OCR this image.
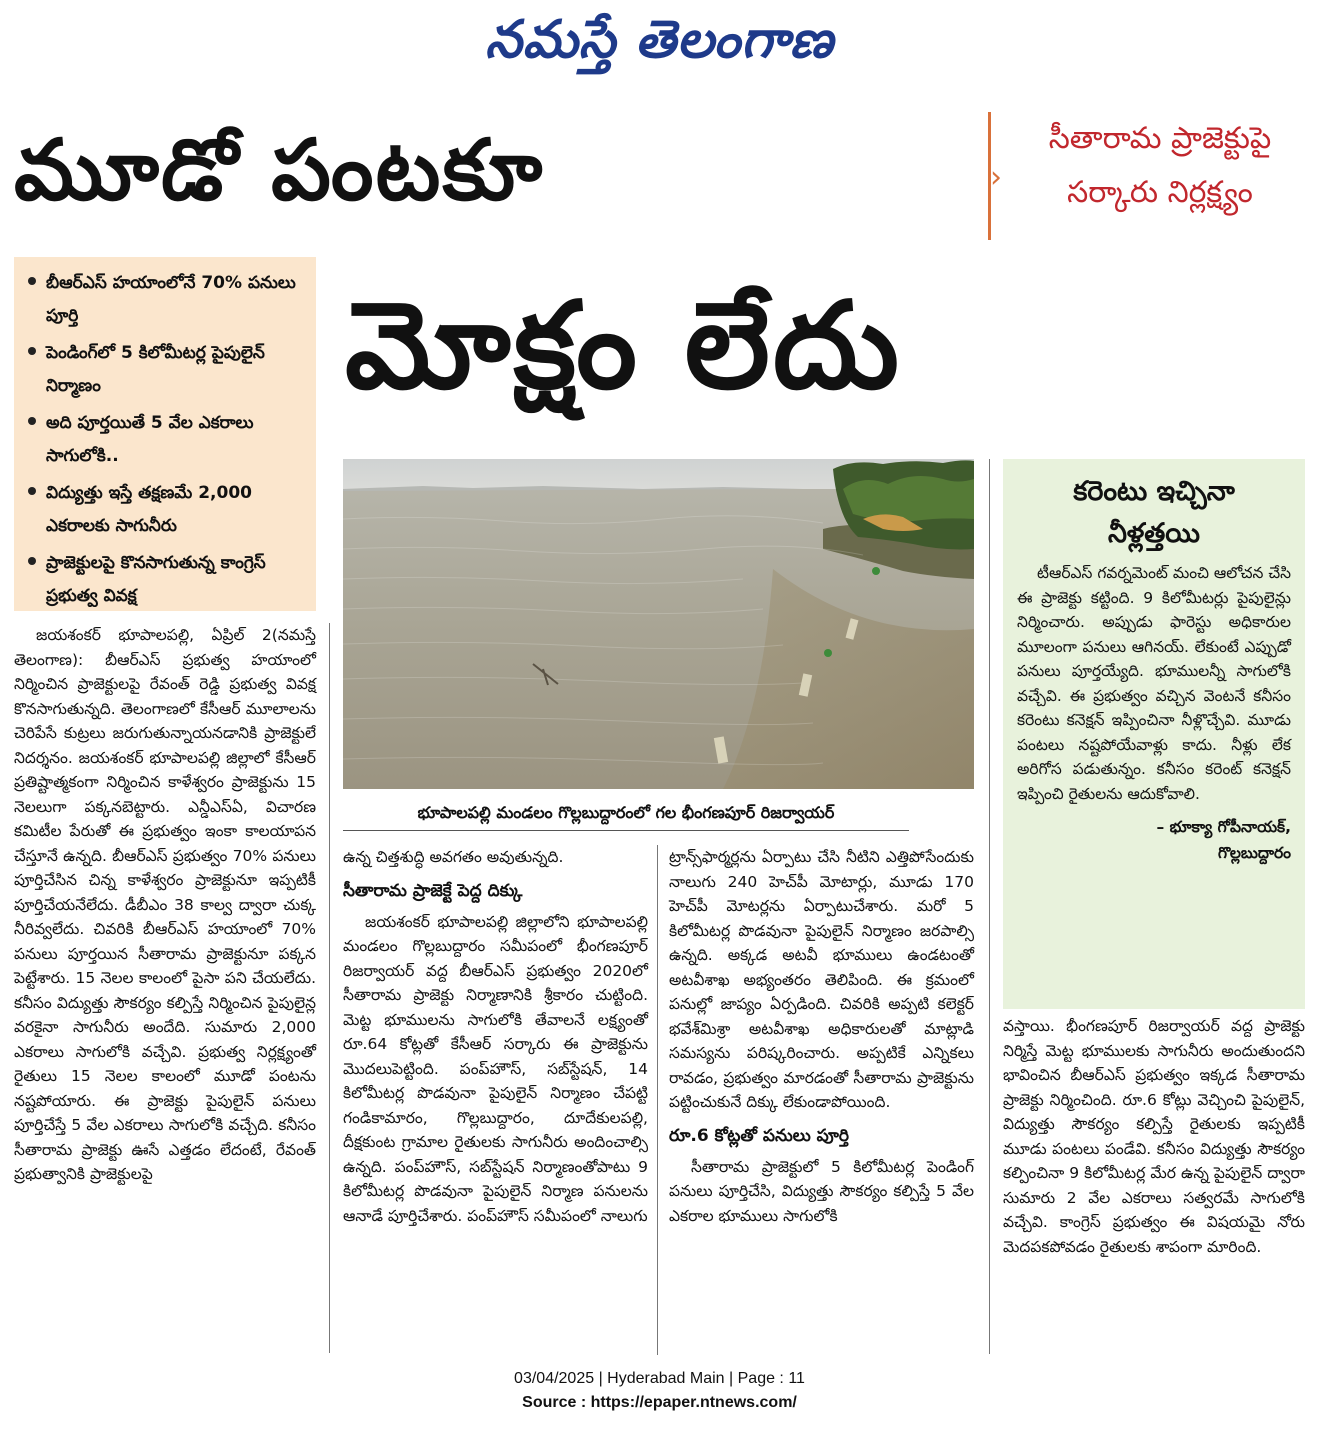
నమస్తే తెలంగాణ
మూడో పంటకూ
మోక్షం లేదు
›
సీతారామ ప్రాజెక్టుపై
సర్కారు నిర్లక్ష్యం
బీఆర్‌ఎస్ హయాంలోనే 70% పనులు పూర్తి
పెండింగ్‌లో 5 కిలోమీటర్ల పైపులైన్ నిర్మాణం
అది పూర్తయితే 5 వేల ఎకరాలు సాగులోకి..
విద్యుత్తు ఇస్తే తక్షణమే 2,000 ఎకరాలకు సాగునీరు
ప్రాజెక్టులపై కొనసాగుతున్న కాంగ్రెస్ ప్రభుత్వ వివక్ష
భూపాలపల్లి మండలం గొల్లబుద్దారంలో గల భీంగణపూర్ రిజర్వాయర్

జయశంకర్ భూపాలపల్లి, ఏప్రిల్ 2(నమస్తే తెలంగాణ): బీఆర్‌ఎస్ ప్రభుత్వ హయాంలో నిర్మించిన ప్రాజెక్టులపై రేవంత్ రెడ్డి ప్రభుత్వ వివక్ష కొనసాగుతున్నది. తెలంగాణలో కేసీఆర్ మూలాలను చెరిపేసే కుట్రలు జరుగుతున్నాయనడానికి ప్రాజెక్టులే నిదర్శనం. జయశంకర్ భూపాలపల్లి జిల్లాలో కేసీఆర్ ప్రతిష్టాత్మకంగా నిర్మించిన కాళేశ్వరం ప్రాజెక్టును 15 నెలలుగా పక్కనబెట్టారు. ఎన్డీఎస్‌ఏ, విచారణ కమిటీల పేరుతో ఈ ప్రభుత్వం ఇంకా కాలయాపన చేస్తూనే ఉన్నది. బీఆర్‌ఎస్ ప్రభుత్వం 70% పనులు పూర్తిచేసిన చిన్న కాళేశ్వరం ప్రాజెక్టునూ ఇప్పటికీ పూర్తిచేయనేలేదు. డీబీఎం 38 కాల్వ ద్వారా చుక్క నీరివ్వలేదు. చివరికి బీఆర్‌ఎస్ హయాంలో 70% పనులు పూర్తయిన సీతారామ ప్రాజెక్టునూ పక్కన పెట్టేశారు. 15 నెలల కాలంలో పైసా పని చేయలేదు. కనీసం విద్యుత్తు సౌకర్యం కల్పిస్తే నిర్మించిన పైపులైన్ల వరకైనా సాగునీరు అందేది. సుమారు 2,000 ఎకరాలు సాగులోకి వచ్చేవి. ప్రభుత్వ నిర్లక్ష్యంతో రైతులు 15 నెలల కాలంలో మూడో పంటను నష్టపోయారు. ఈ ప్రాజెక్టు పైపులైన్ పనులు పూర్తిచేస్తే 5 వేల ఎకరాలు సాగులోకి వచ్చేది. కనీసం సీతారామ ప్రాజెక్టు ఊసే ఎత్తడం లేదంటే, రేవంత్ ప్రభుత్వానికి ప్రాజెక్టులపై

ఉన్న చిత్తశుద్ధి అవగతం అవుతున్నది.

సీతారామ ప్రాజెక్టే పెద్ద దిక్కు

జయశంకర్ భూపాలపల్లి జిల్లాలోని భూపాలపల్లి మండలం గొల్లబుద్దారం సమీపంలో భీంగణపూర్ రిజర్వాయర్ వద్ద బీఆర్‌ఎస్ ప్రభుత్వం 2020లో సీతారామ ప్రాజెక్టు నిర్మాణానికి శ్రీకారం చుట్టింది. మెట్ట భూములను సాగులోకి తేవాలనే లక్ష్యంతో రూ.64 కోట్లతో కేసీఆర్ సర్కారు ఈ ప్రాజెక్టును మొదలుపెట్టింది. పంప్‌హౌస్, సబ్‌స్టేషన్, 14 కిలోమీటర్ల పొడవునా పైపులైన్ నిర్మాణం చేపట్టి గండికామారం, గొల్లబుద్దారం, దూదేకులపల్లి, దీక్షకుంట గ్రామాల రైతులకు సాగునీరు అందించాల్సి ఉన్నది. పంప్‌హౌస్, సబ్‌స్టేషన్ నిర్మాణంతోపాటు 9 కిలోమీటర్ల పొడవునా పైపులైన్ నిర్మాణ పనులను ఆనాడే పూర్తిచేశారు. పంప్‌హౌస్ సమీపంలో నాలుగు

ట్రాన్స్‌ఫార్మర్లను ఏర్పాటు చేసి నీటిని ఎత్తిపోసేందుకు నాలుగు 240 హెచ్‌పీ మోటార్లు, మూడు 170 హెచ్‌పీ మోటర్లను ఏర్పాటుచేశారు. మరో 5 కిలోమీటర్ల పొడవునా పైపులైన్ నిర్మాణం జరపాల్సి ఉన్నది. అక్కడ అటవీ భూములు ఉండటంతో అటవీశాఖ అభ్యంతరం తెలిపింది. ఈ క్రమంలో పనుల్లో జాప్యం ఏర్పడింది. చివరికి అప్పటి కలెక్టర్ భవేశ్‌మిశ్రా అటవీశాఖ అధికారులతో మాట్లాడి సమస్యను పరిష్కరించారు. అప్పటికే ఎన్నికలు రావడం, ప్రభుత్వం మారడంతో సీతారామ ప్రాజెక్టును పట్టించుకునే దిక్కు లేకుండాపోయింది.

రూ.6 కోట్లతో పనులు పూర్తి

సీతారామ ప్రాజెక్టులో 5 కిలోమీటర్ల పెండింగ్ పనులు పూర్తిచేసి, విద్యుత్తు సౌకర్యం కల్పిస్తే 5 వేల ఎకరాల భూములు సాగులోకి

కరెంటు ఇచ్చినా
నీళ్లత్తయి

టీఆర్‌ఎస్ గవర్నమెంట్ మంచి ఆలోచన చేసి ఈ ప్రాజెక్టు కట్టింది. 9 కిలోమీటర్లు పైపులైన్లు నిర్మించారు. అప్పుడు ఫారెస్టు అధికారుల మూలంగా పనులు ఆగినయ్. లేకుంటే ఎప్పుడో పనులు పూర్తయ్యేది. భూములన్నీ సాగులోకి వచ్చేవి. ఈ ప్రభుత్వం వచ్చిన వెంటనే కనీసం కరెంటు కనెక్షన్ ఇప్పించినా నీళ్లొచ్చేవి. మూడు పంటలు నష్టపోయేవాళ్లు కాదు. నీళ్లు లేక అరిగోస పడుతున్నం. కనీసం కరెంట్ కనెక్షన్ ఇప్పించి రైతులను ఆదుకోవాలి.

– భూక్యా గోపీనాయక్,
గొల్లబుద్దారం

వస్తాయి. భీంగణపూర్ రిజర్వాయర్ వద్ద ప్రాజెక్టు నిర్మిస్తే మెట్ట భూములకు సాగునీరు అందుతుందని భావించిన బీఆర్‌ఎస్ ప్రభుత్వం ఇక్కడ సీతారామ ప్రాజెక్టు నిర్మించింది. రూ.6 కోట్లు వెచ్చించి పైపులైన్, విద్యుత్తు సౌకర్యం కల్పిస్తే రైతులకు ఇప్పటికీ మూడు పంటలు పండేవి. కనీసం విద్యుత్తు సౌకర్యం కల్పించినా 9 కిలోమీటర్ల మేర ఉన్న పైపులైన్ ద్వారా సుమారు 2 వేల ఎకరాలు సత్వరమే సాగులోకి వచ్చేవి. కాంగ్రెస్ ప్రభుత్వం ఈ విషయమై నోరు మెదపకపోవడం రైతులకు శాపంగా మారింది.

03/04/2025 | Hyderabad Main | Page : 11
Source : https://epaper.ntnews.com/
